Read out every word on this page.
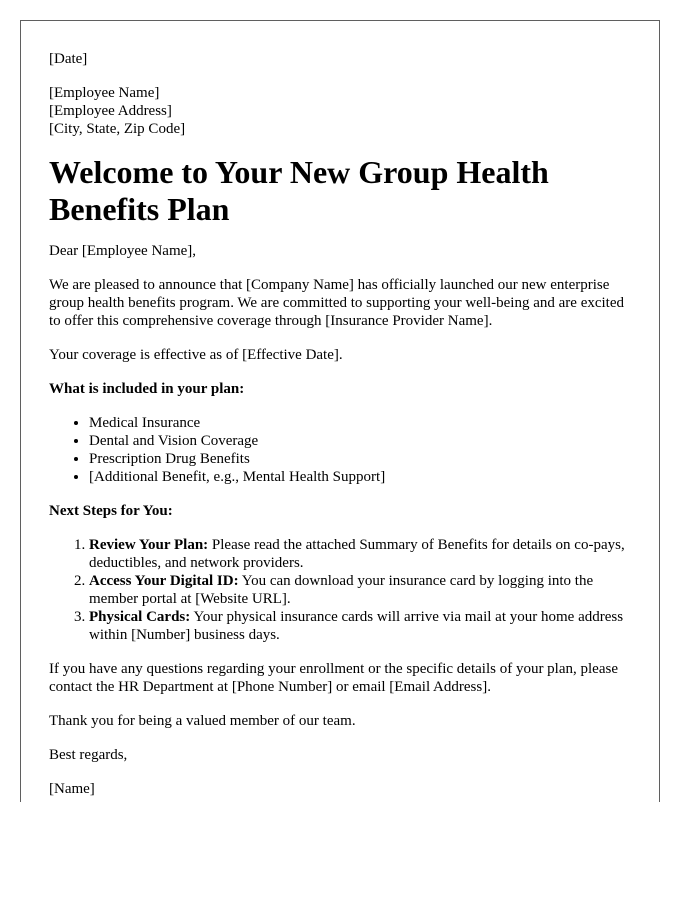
[Date]
[Employee Name]
[Employee Address]
[City, State, Zip Code]
Welcome to Your New Group Health Benefits Plan

Dear [Employee Name],

We are pleased to announce that [Company Name] has officially launched our new enterprise group health benefits program. We are committed to supporting your well-being and are excited to offer this comprehensive coverage through [Insurance Provider Name].

Your coverage is effective as of [Effective Date].

What is included in your plan:

• Medical Insurance
• Dental and Vision Coverage
• Prescription Drug Benefits
• [Additional Benefit, e.g., Mental Health Support]

Next Steps for You:

1. Review Your Plan: Please read the attached Summary of Benefits for details on co-pays, deductibles, and network providers.
2. Access Your Digital ID: You can download your insurance card by logging into the member portal at [Website URL].
3. Physical Cards: Your physical insurance cards will arrive via mail at your home address within [Number] business days.

If you have any questions regarding your enrollment or the specific details of your plan, please contact the HR Department at [Phone Number] or email [Email Address].

Thank you for being a valued member of our team.

Best regards,

[Name]
